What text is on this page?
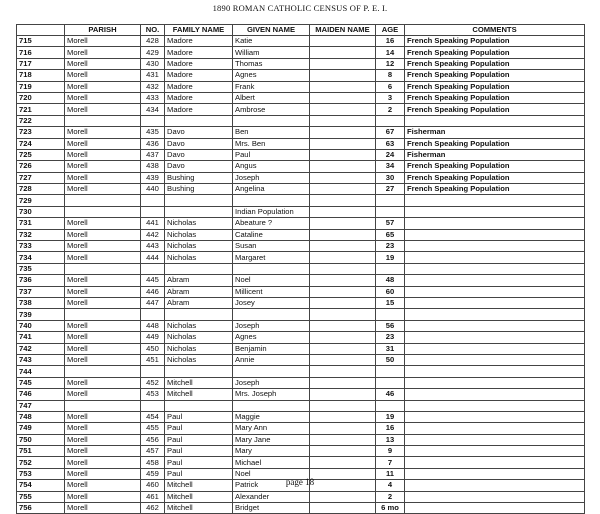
1890 ROMAN CATHOLIC CENSUS OF P. E. I.
	PARISH	NO.	FAMILY NAME	GIVEN NAME	MAIDEN NAME	AGE	COMMENTS
715	Morell	428	Madore	Katie		16	French Speaking Population
716	Morell	429	Madore	William		14	French Speaking Population
717	Morell	430	Madore	Thomas		12	French Speaking Population
718	Morell	431	Madore	Agnes		8	French Speaking Population
719	Morell	432	Madore	Frank		6	French Speaking Population
720	Morell	433	Madore	Albert		3	French Speaking Population
721	Morell	434	Madore	Ambrose		2	French Speaking Population
722							
723	Morell	435	Davo	Ben		67	Fisherman
724	Morell	436	Davo	Mrs. Ben		63	French Speaking Population
725	Morell	437	Davo	Paul		24	Fisherman
726	Morell	438	Davo	Angus		34	French Speaking Population
727	Morell	439	Bushing	Joseph		30	French Speaking Population
728	Morell	440	Bushing	Angelina		27	French Speaking Population
729							
730				Indian Population			
731	Morell	441	Nicholas	Abeature ?		57	
732	Morell	442	Nicholas	Cataline		65	
733	Morell	443	Nicholas	Susan		23	
734	Morell	444	Nicholas	Margaret		19	
735							
736	Morell	445	Abram	Noel		48	
737	Morell	446	Abram	Millicent		60	
738	Morell	447	Abram	Josey		15	
739							
740	Morell	448	Nicholas	Joseph		56	
741	Morell	449	Nicholas	Agnes		23	
742	Morell	450	Nicholas	Benjamin		31	
743	Morell	451	Nicholas	Annie		50	
744							
745	Morell	452	Mitchell	Joseph			
746	Morell	453	Mitchell	Mrs. Joseph		46	
747							
748	Morell	454	Paul	Maggie		19	
749	Morell	455	Paul	Mary Ann		16	
750	Morell	456	Paul	Mary Jane		13	
751	Morell	457	Paul	Mary		9	
752	Morell	458	Paul	Michael		7	
753	Morell	459	Paul	Noel		11	
754	Morell	460	Mitchell	Patrick		4	
755	Morell	461	Mitchell	Alexander		2	
756	Morell	462	Mitchell	Bridget		6 mo	
page 18
